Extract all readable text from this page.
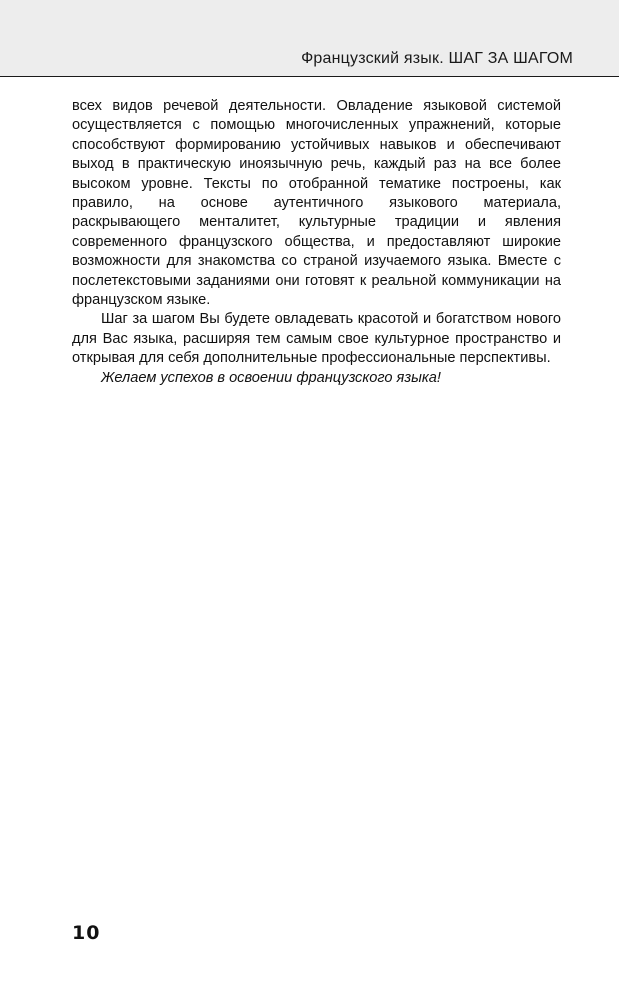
Французский язык. ШАГ ЗА ШАГОМ

всех видов речевой деятельности. Овладение языковой системой осуществляется с помощью многочисленных упражнений, которые способствуют формированию устойчивых навыков и обеспечивают выход в практическую иноязычную речь, каждый раз на все более высоком уровне. Тексты по отобранной тематике построены, как правило, на основе аутентичного языкового материала, раскрывающего менталитет, культурные традиции и явления современного французского общества, и предоставляют широкие возможности для знакомства со страной изучаемого языка. Вместе с послетекстовыми заданиями они готовят к реальной коммуникации на французском языке.

Шаг за шагом Вы будете овладевать красотой и богатством нового для Вас языка, расширяя тем самым свое культурное пространство и открывая для себя дополнительные профессиональные перспективы.

Желаем успехов в освоении французского языка!

10
